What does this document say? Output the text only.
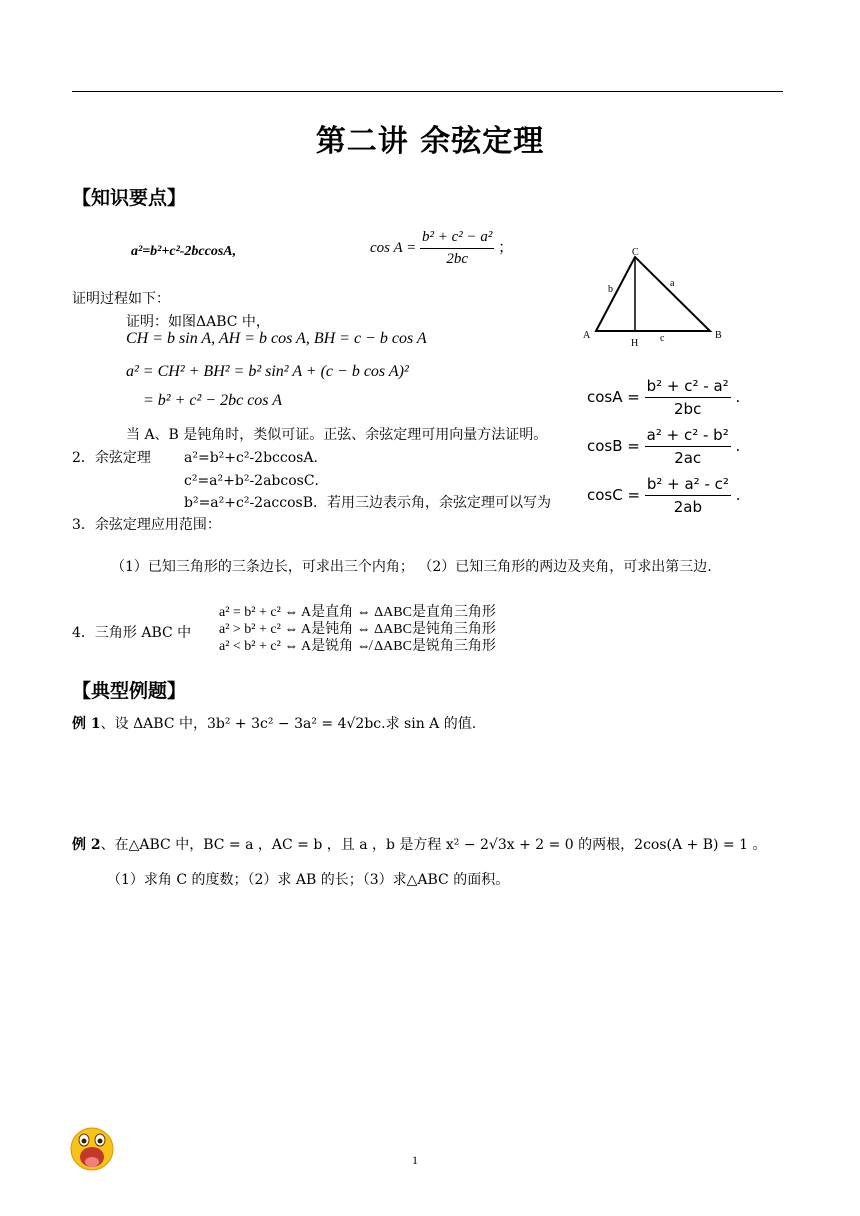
第二讲 余弦定理
【知识要点】
a²=b²+c²-2bccosA,	$\cos A = \frac{\text{b² + c² − a²}}{2bc}$ ；	C
A	B
H
b
a
c
证明过程如下：
证明：如图ΔABC 中，
CH = b sin A, AH = b cos A, BH = c − b cos A
a² = CH² + BH² = b² sin² A + (c − b cos A)²
= b² + c² − 2bc cos A
当 A、B 是钝角时，类似可证。正弦、余弦定理可用向量方法证明。
$\cos A = \frac{\text{b² + c² - a²}}{2bc}$ .
$\cos B = \frac{\text{a² + c² - b²}}{2ac}$ .
$\cos C = \frac{\text{b² + a² - c²}}{2ab}$ .
2．余弦定理 a²=b²+c²-2bccosA．
c²=a²+b²-2abcosC．
b²=a²+c²-2accosB．若用三边表示角，余弦定理可以写为
3．余弦定理应用范围：
（1）已知三角形的三条边长，可求出三个内角； （2）已知三角形的两边及夹角，可求出第三边.
4．三角形 ABC 中
a² = b² + c² ⇔ A是直角 ⇔ ΔABC是直角三角形
a² > b² + c² ⇔ A是钝角 ⇔ ΔABC是钝角三角形
a² < b² + c² ⇔ A是锐角 ⇎ ΔABC是锐角三角形
【典型例题】
例 1、设 ΔABC 中，3b² + 3c² − 3a² = 4√2bc.求 sin A 的值.
例 2、在△ABC 中，BC = a ，AC = b ，且 a ，b 是方程 x² − 2√3x + 2 = 0 的两根，2cos(A + B) = 1 。
（1）求角 C 的度数；（2）求 AB 的长；（3）求△ABC 的面积。
1
